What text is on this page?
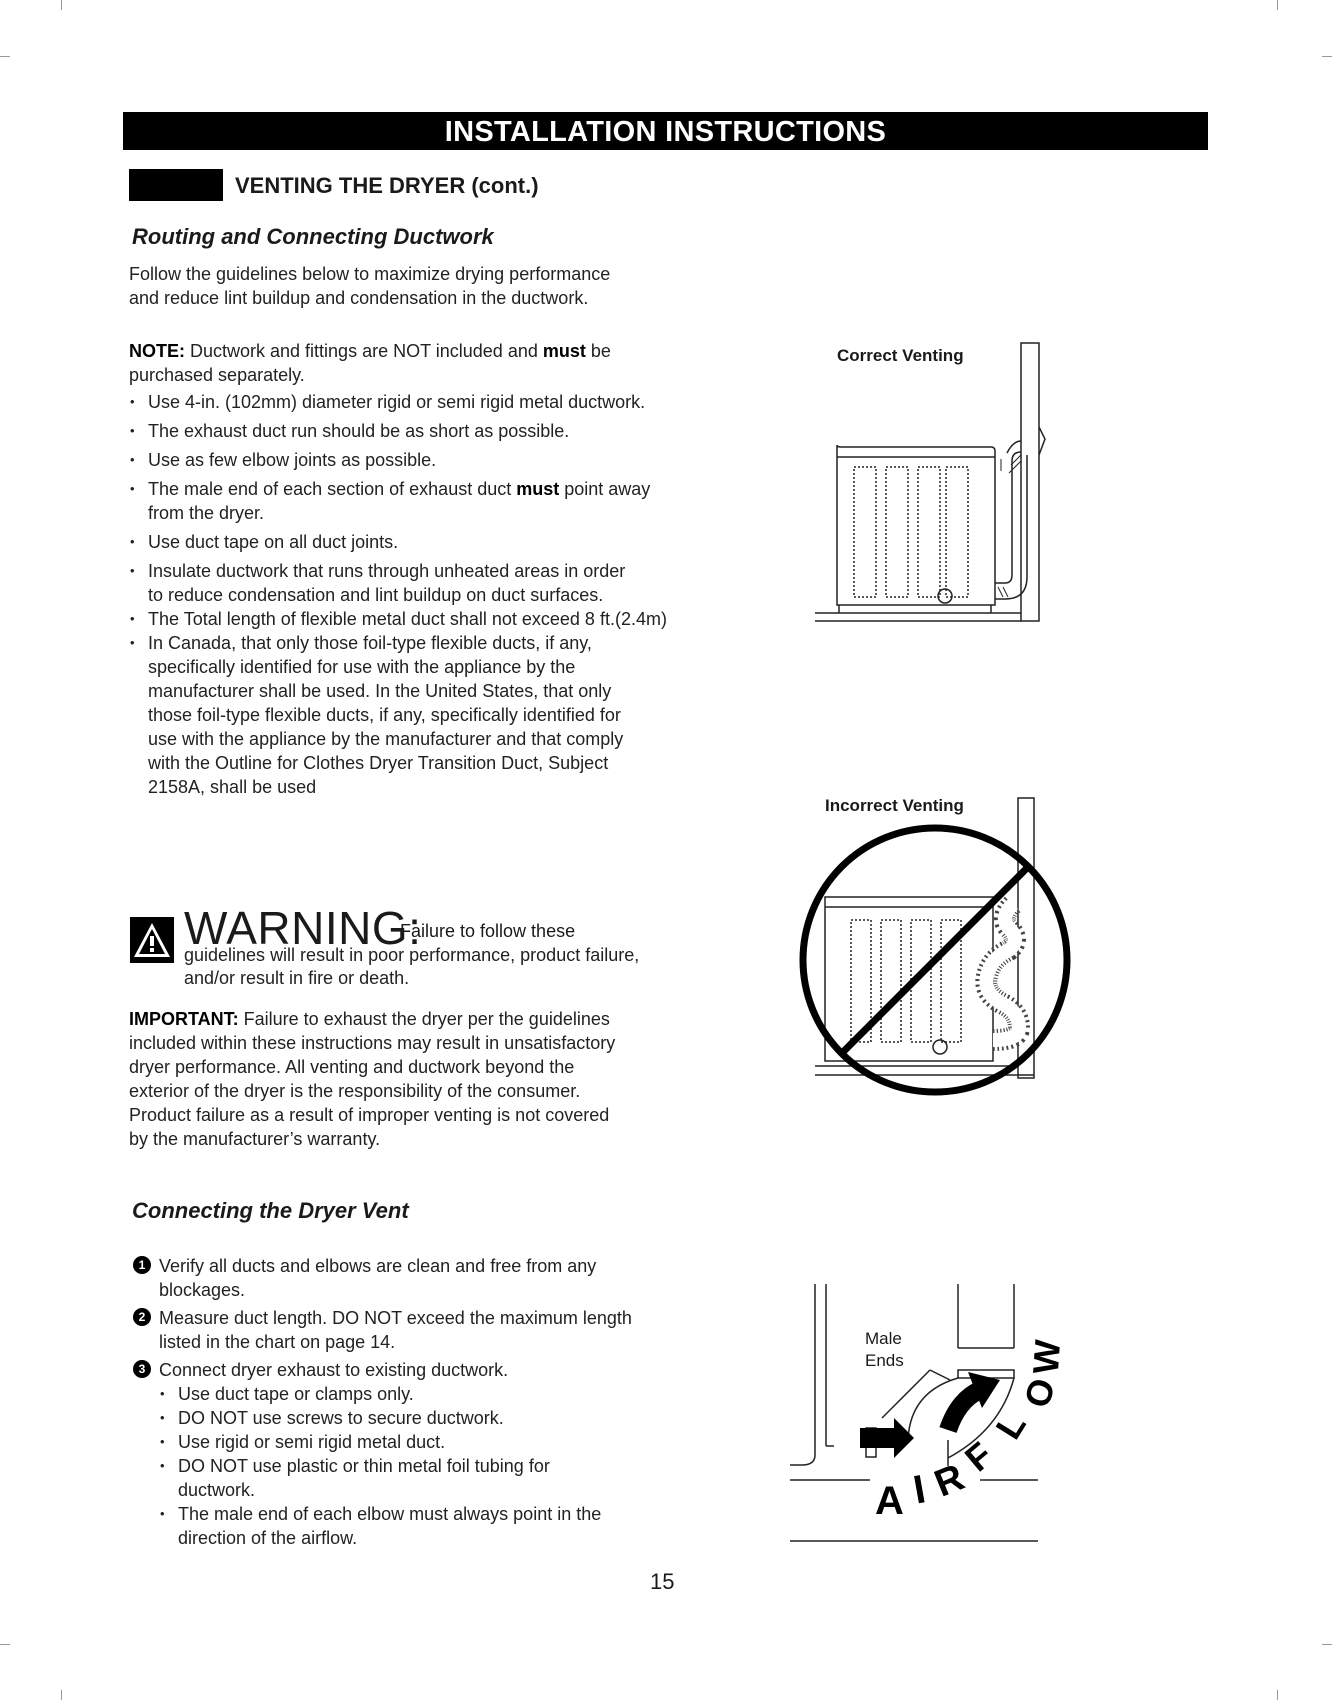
INSTALLATION INSTRUCTIONS
VENTING THE DRYER (cont.)
Routing and Connecting Ductwork
Follow the guidelines below to maximize drying performance and reduce lint buildup and condensation in the ductwork.
NOTE: Ductwork and fittings are NOT included and must be purchased separately.
• Use 4-in. (102mm) diameter rigid or semi rigid metal ductwork.
• The exhaust duct run should be as short as possible.
• Use as few elbow joints as possible.
• The male end of each section of exhaust duct must point away from the dryer.
• Use duct tape on all duct joints.
• Insulate ductwork that runs through unheated areas in order to reduce condensation and lint buildup on duct surfaces.
• The Total length of flexible metal duct shall not exceed 8 ft.(2.4m)
• In Canada, that only those foil-type flexible ducts, if any, specifically identified for use with the appliance by the manufacturer shall be used. In the United States, that only those foil-type flexible ducts, if any, specifically identified for use with the appliance by the manufacturer and that comply with the Outline for Clothes Dryer Transition Duct, Subject 2158A, shall be used
WARNING:
Failure to follow these
guidelines will result in poor performance, product failure, and/or result in fire or death.
IMPORTANT: Failure to exhaust the dryer per the guidelines included within these instructions may result in unsatisfactory dryer performance. All venting and ductwork beyond the exterior of the dryer is the responsibility of the consumer. Product failure as a result of improper venting is not covered by the manufacturer’s warranty.
Connecting the Dryer Vent
1 Verify all ducts and elbows are clean and free from any blockages.
2 Measure duct length. DO NOT exceed the maximum length listed in the chart on page 14.
3 Connect dryer exhaust to existing ductwork.
• Use duct tape or clamps only.
• DO NOT use screws to secure ductwork.
• Use rigid or semi rigid metal duct.
• DO NOT use plastic or thin metal foil tubing for ductwork.
• The male end of each elbow must always point in the direction of the airflow.
15
Correct Venting
Incorrect Venting
Male
Ends
A I R
F
L
O
W
